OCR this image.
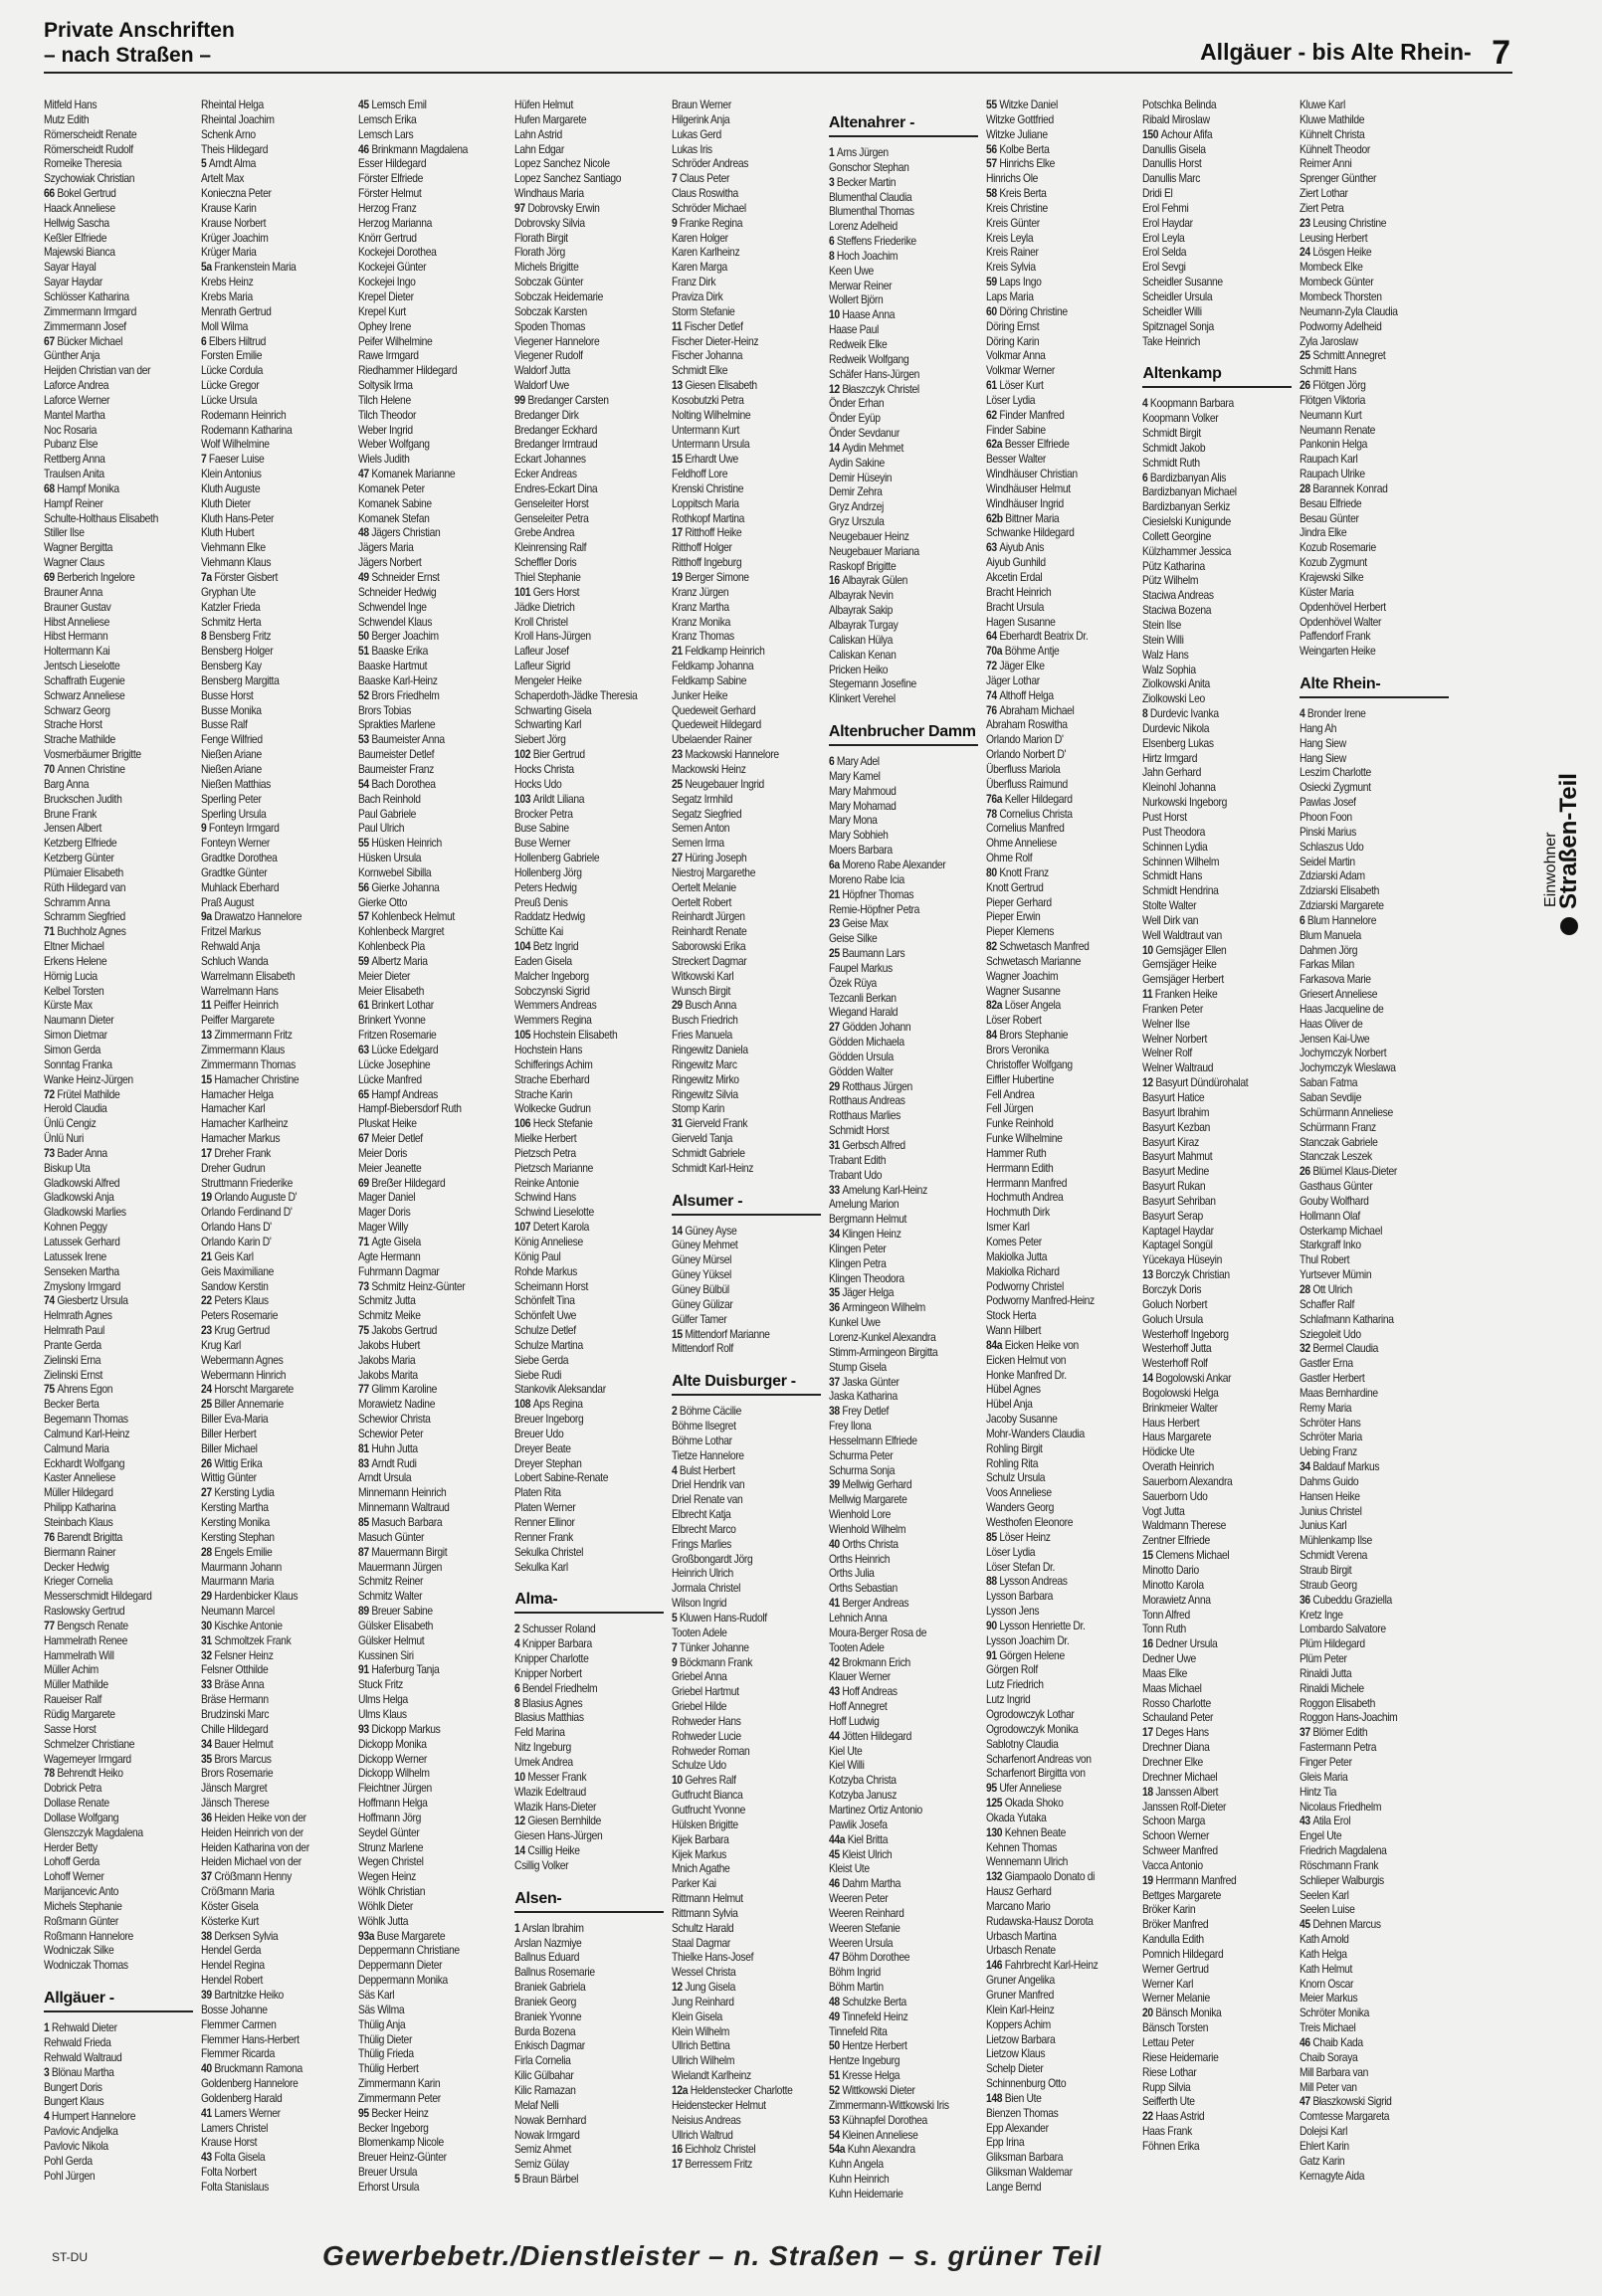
Private Anschriften
– nach Straßen –	Allgäuer - bis Alte Rhein- 7
Mitfeld Hans
Mutz Edith
Römerscheidt Renate
Römerscheidt Rudolf
Romeike Theresia
Szychowiak Christian
66 Bokel Gertrud
Haack Anneliese
Hellwig Sascha
Keßler Elfriede
Majewski Bianca
Sayar Hayal
Sayar Haydar
Schlösser Katharina
Zimmermann Irmgard
Zimmermann Josef
67 Bücker Michael
Günther Anja
Heijden Christian van der
Laforce Andrea
Laforce Werner
Mantel Martha
Noc Rosaria
Pubanz Else
Rettberg Anna
Traulsen Anita
68 Hampf Monika
Hampf Reiner
Schulte-Holthaus Elisabeth
Stiller Ilse
Wagner Bergitta
Wagner Claus
69 Berberich Ingelore
Brauner Anna
Brauner Gustav
Hibst Anneliese
Hibst Hermann
Holtermann Kai
Jentsch Lieselotte
Schaffrath Eugenie
Schwarz Anneliese
Schwarz Georg
Strache Horst
Strache Mathilde
Vosmerbäumer Brigitte
70 Annen Christine
Barg Anna
Bruckschen Judith
Brune Frank
Jensen Albert
Ketzberg Elfriede
Ketzberg Günter
Plümaier Elisabeth
Rüth Hildegard van
Schramm Anna
Schramm Siegfried
71 Buchholz Agnes
Eltner Michael
Erkens Helene
Hörnig Lucia
Kelbel Torsten
Kürste Max
Naumann Dieter
Simon Dietmar
Simon Gerda
Sonntag Franka
Wanke Heinz-Jürgen
72 Frütel Mathilde
Herold Claudia
Ünlü Cengiz
Ünlü Nuri
73 Bader Anna
Biskup Uta
Gladkowski Alfred
Gladkowski Anja
Gladkowski Marlies
Kohnen Peggy
Latussek Gerhard
Latussek Irene
Senseken Martha
Zmyslony Irmgard
74 Giesbertz Ursula
Helmrath Agnes
Helmrath Paul
Prante Gerda
Zielinski Erna
Zielinski Ernst
75 Ahrens Egon
Becker Berta
Begemann Thomas
Calmund Karl-Heinz
Calmund Maria
Eckhardt Wolfgang
Kaster Anneliese
Müller Hildegard
Philipp Katharina
Steinbach Klaus
76 Barendt Brigitta
Biermann Rainer
Decker Hedwig
Krieger Cornelia
Messerschmidt Hildegard
Raslowsky Gertrud
77 Bengsch Renate
Hammelrath Renee
Hammelrath Will
Müller Achim
Müller Mathilde
Raueiser Ralf
Rüdig Margarete
Sasse Horst
Schmelzer Christiane
Wagemeyer Irmgard
78 Behrendt Heiko
Dobrick Petra
Dollase Renate
Dollase Wolfgang
Glenszczyk Magdalena
Herder Betty
Lohoff Gerda
Lohoff Werner
Marijancevic Anto
Michels Stephanie
Roßmann Günter
Roßmann Hannelore
Wodniczak Silke
Wodniczak Thomas
Allgäuer -
1 Rehwald Dieter
Rehwald Frieda
Rehwald Waltraud
3 Blönau Martha
Bungert Doris
Bungert Klaus
4 Humpert Hannelore
Pavlovic Andjelka
Pavlovic Nikola
Pohl Gerda
Pohl Jürgen
Rheintal Helga
Rheintal Joachim
Schenk Arno
Theis Hildegard
5 Arndt Alma
Artelt Max
Konieczna Peter
Krause Karin
Krause Norbert
Krüger Joachim
Krüger Maria
5a Frankenstein Maria
Krebs Heinz
Krebs Maria
Menrath Gertrud
Moll Wilma
6 Elbers Hiltrud
Forsten Emilie
Lücke Cordula
Lücke Gregor
Lücke Ursula
Rodemann Heinrich
Rodemann Katharina
Wolf Wilhelmine
7 Faeser Luise
Klein Antonius
Kluth Auguste
Kluth Dieter
Kluth Hans-Peter
Kluth Hubert
Viehmann Elke
Viehmann Klaus
7a Förster Gisbert
Gryphan Ute
Katzler Frieda
Schmitz Herta
8 Bensberg Fritz
Bensberg Holger
Bensberg Kay
Bensberg Margitta
Busse Horst
Busse Monika
Busse Ralf
Fenge Wilfried
Nießen Ariane
Nießen Ariane
Nießen Matthias
Sperling Peter
Sperling Ursula
9 Fonteyn Irmgard
Fonteyn Werner
Gradtke Dorothea
Gradtke Günter
Muhlack Eberhard
Praß August
9a Drawatzo Hannelore
Fritzel Markus
Rehwald Anja
Schluch Wanda
Warrelmann Elisabeth
Warrelmann Hans
11 Peiffer Heinrich
Peiffer Margarete
13 Zimmermann Fritz
Zimmermann Klaus
Zimmermann Thomas
15 Hamacher Christine
Hamacher Helga
Hamacher Karl
Hamacher Karlheinz
Hamacher Markus
17 Dreher Frank
Dreher Gudrun
Struttmann Friederike
19 Orlando Auguste D'
Orlando Ferdinand D'
Orlando Hans D'
Orlando Karin D'
21 Geis Karl
Geis Maximiliane
Sandow Kerstin
22 Peters Klaus
Peters Rosemarie
23 Krug Gertrud
Krug Karl
Webermann Agnes
Webermann Hinrich
24 Horscht Margarete
25 Biller Annemarie
Biller Eva-Maria
Biller Herbert
Biller Michael
26 Wittig Erika
Wittig Günter
27 Kersting Lydia
Kersting Martha
Kersting Monika
Kersting Stephan
28 Engels Emilie
Maurmann Johann
Maurmann Maria
29 Hardenbicker Klaus
Neumann Marcel
30 Kischke Antonie
31 Schmoltzek Frank
32 Felsner Heinz
Felsner Otthilde
33 Bräse Anna
Bräse Hermann
Brudzinski Marc
Chille Hildegard
34 Bauer Helmut
35 Brors Marcus
Brors Rosemarie
Jänsch Margret
Jänsch Therese
36 Heiden Heike von der
Heiden Heinrich von der
Heiden Katharina von der
Heiden Michael von der
37 Cröẞmann Henny
Cröẞmann Maria
Köster Gisela
Kösterke Kurt
38 Derksen Sylvia
Hendel Gerda
Hendel Regina
Hendel Robert
39 Bartnitzke Heiko
Bosse Johanne
Flemmer Carmen
Flemmer Hans-Herbert
Flemmer Ricarda
40 Bruckmann Ramona
Goldenberg Hannelore
Goldenberg Harald
41 Lamers Werner
Lamers Christel
Krause Horst
43 Folta Gisela
Folta Norbert
Folta Stanislaus
45 Lemsch Emil
Lemsch Erika
Lemsch Lars
46 Brinkmann Magdalena
Esser Hildegard
Förster Elfriede
Förster Helmut
Herzog Franz
Herzog Marianna
Knörr Gertrud
Kockejei Dorothea
Kockejei Günter
Kockejei Ingo
Krepel Dieter
Krepel Kurt
Ophey Irene
Peifer Wilhelmine
Rawe Irmgard
Riedhammer Hildegard
Soltysik Irma
Tilch Helene
Tilch Theodor
Weber Ingrid
Weber Wolfgang
Wiels Judith
47 Komanek Marianne
Komanek Peter
Komanek Sabine
Komanek Stefan
48 Jägers Christian
Jägers Maria
Jägers Norbert
49 Schneider Ernst
Schneider Hedwig
Schwendel Inge
Schwendel Klaus
50 Berger Joachim
51 Baaske Erika
Baaske Hartmut
Baaske Karl-Heinz
52 Brors Friedhelm
Brors Tobias
Sprakties Marlene
53 Baumeister Anna
Baumeister Detlef
Baumeister Franz
54 Bach Dorothea
Bach Reinhold
Paul Gabriele
Paul Ulrich
55 Hüsken Heinrich
Hüsken Ursula
Kornwebel Sibilla
56 Gierke Johanna
Gierke Otto
57 Kohlenbeck Helmut
Kohlenbeck Margret
Kohlenbeck Pia
59 Albertz Maria
Meier Dieter
Meier Elisabeth
61 Brinkert Lothar
Brinkert Yvonne
Fritzen Rosemarie
63 Lücke Edelgard
Lücke Josephine
Lücke Manfred
65 Hampf Andreas
Hampf-Biebersdorf Ruth
Pluskat Heike
67 Meier Detlef
Meier Doris
Meier Jeanette
69 Breẞer Hildegard
Mager Daniel
Mager Doris
Mager Willy
71 Agte Gisela
Agte Hermann
Fuhrmann Dagmar
73 Schmitz Heinz-Günter
Schmitz Jutta
Schmitz Meike
75 Jakobs Gertrud
Jakobs Hubert
Jakobs Maria
Jakobs Marita
77 Glimm Karoline
Morawietz Nadine
Schewior Christa
Schewior Peter
81 Huhn Jutta
83 Arndt Rudi
Arndt Ursula
Minnemann Heinrich
Minnemann Waltraud
85 Masuch Barbara
Masuch Günter
87 Mauermann Birgit
Mauermann Jürgen
Schmitz Reiner
Schmitz Walter
89 Breuer Sabine
Gülsker Elisabeth
Gülsker Helmut
Kussinen Siri
91 Haferburg Tanja
Stuck Fritz
Ulms Helga
Ulms Klaus
93 Dickopp Markus
Dickopp Monika
Dickopp Werner
Dickopp Wilhelm
Fleichtner Jürgen
Hoffmann Helga
Hoffmann Jörg
Seydel Günter
Strunz Marlene
Wegen Christel
Wegen Heinz
Wöhlk Christian
Wöhlk Dieter
Wöhlk Jutta
93a Buse Margarete
Deppermann Christiane
Deppermann Dieter
Deppermann Monika
Säs Karl
Säs Wilma
Thülig Anja
Thülig Dieter
Thülig Frieda
Thülig Herbert
Zimmermann Karin
Zimmermann Peter
95 Becker Heinz
Becker Ingeborg
Blomenkamp Nicole
Breuer Heinz-Günter
Breuer Ursula
Erhorst Ursula
Hüfen Helmut
Hufen Margarete
Lahn Astrid
Lahn Edgar
Lopez Sanchez Nicole
Lopez Sanchez Santiago
Windhaus Maria
97 Dobrovsky Erwin
Dobrovsky Silvia
Florath Birgit
Florath Jörg
Michels Brigitte
Sobczak Günter
Sobczak Heidemarie
Sobczak Karsten
Spoden Thomas
Viegener Hannelore
Viegener Rudolf
Waldorf Jutta
Waldorf Uwe
99 Bredanger Carsten
Bredanger Dirk
Bredanger Eckhard
Bredanger Irmtraud
Eckart Johannes
Ecker Andreas
Endres-Eckart Dina
Genseleiter Horst
Genseleiter Petra
Grebe Andrea
Kleinrensing Ralf
Scheffler Doris
Thiel Stephanie
101 Gers Horst
Jädke Dietrich
Kroll Christel
Kroll Hans-Jürgen
Lafleur Josef
Lafleur Sigrid
Mengeler Heike
Schaperdoth-Jädke Theresia
Schwarting Gisela
Schwarting Karl
Siebert Jörg
102 Bier Gertrud
Hocks Christa
Hocks Udo
103 Arildt Liliana
Brocker Petra
Buse Sabine
Buse Werner
Hollenberg Gabriele
Hollenberg Jörg
Peters Hedwig
Preuß Denis
Raddatz Hedwig
Schütte Kai
104 Betz Ingrid
Eaden Gisela
Malcher Ingeborg
Sobczynski Sigrid
Wemmers Andreas
Wemmers Regina
105 Hochstein Elisabeth
Hochstein Hans
Schifferings Achim
Strache Eberhard
Strache Karin
Wolkecke Gudrun
106 Heck Stefanie
Mielke Herbert
Pietzsch Petra
Pietzsch Marianne
Reinke Antonie
Schwind Hans
Schwind Lieselotte
107 Detert Karola
König Anneliese
König Paul
Rohde Markus
Scheimann Horst
Schönfelt Tina
Schönfelt Uwe
Schulze Detlef
Schulze Martina
Siebe Gerda
Siebe Rudi
Stankovik Aleksandar
108 Aps Regina
Breuer Ingeborg
Breuer Udo
Dreyer Beate
Dreyer Stephan
Lobert Sabine-Renate
Platen Rita
Platen Werner
Renner Ellinor
Renner Frank
Sekulka Christel
Sekulka Karl
Alma-
2 Schusser Roland
4 Knipper Barbara
Knipper Charlotte
Knipper Norbert
6 Bendel Friedhelm
8 Blasius Agnes
Blasius Matthias
Feld Marina
Nitz Ingeburg
Umek Andrea
10 Messer Frank
Wlazik Edeltraud
Wlazik Hans-Dieter
12 Giesen Bernhilde
Giesen Hans-Jürgen
14 Csillig Heike
Csillig Volker
Alsen-
1 Arslan Ibrahim
Arslan Nazmiye
Ballnus Eduard
Ballnus Rosemarie
Braniek Gabriela
Braniek Georg
Braniek Yvonne
Burda Bozena
Enkisch Dagmar
Firla Cornelia
Kilic Gülbahar
Kilic Ramazan
Melaf Nelli
Nowak Bernhard
Nowak Irmgard
Semiz Ahmet
Semiz Gülay
5 Braun Bärbel
Braun Werner
Hilgerink Anja
Lukas Gerd
Lukas Iris
Schröder Andreas
7 Claus Peter
Claus Roswitha
Schröder Michael
9 Franke Regina
Karen Holger
Karen Karlheinz
Karen Marga
Franz Dirk
Praviza Dirk
Storm Stefanie
11 Fischer Detlef
Fischer Dieter-Heinz
Fischer Johanna
Schmidt Elke
13 Giesen Elisabeth
Kosobutzki Petra
Nolting Wilhelmine
Untermann Kurt
Untermann Ursula
15 Erhardt Uwe
Feldhoff Lore
Krenski Christine
Loppitsch Maria
Rothkopf Martina
17 Ritthoff Heike
Ritthoff Holger
Ritthoff Ingeburg
19 Berger Simone
Kranz Jürgen
Kranz Martha
Kranz Monika
Kranz Thomas
21 Feldkamp Heinrich
Feldkamp Johanna
Feldkamp Sabine
Junker Heike
Quedeweit Gerhard
Quedeweit Hildegard
Ubelaender Rainer
23 Mackowski Hannelore
Mackowski Heinz
25 Neugebauer Ingrid
Segatz Irmhild
Segatz Siegfried
Semen Anton
Semen Irma
27 Hüring Joseph
Niestroj Margarethe
Oertelt Melanie
Oertelt Robert
Reinhardt Jürgen
Reinhardt Renate
Saborowski Erika
Streckert Dagmar
Witkowski Karl
Wunsch Birgit
29 Busch Anna
Busch Friedrich
Fries Manuela
Ringewitz Daniela
Ringewitz Marc
Ringewitz Mirko
Ringewitz Silvia
Stomp Karin
31 Gierveld Frank
Gierveld Tanja
Schmidt Gabriele
Schmidt Karl-Heinz
Alsumer -
14 Güney Ayse
Güney Mehmet
Güney Mürsel
Güney Yüksel
Güney Bülbül
Güney Gülizar
Gülfer Tamer
15 Mittendorf Marianne
Mittendorf Rolf
Alte Duisburger -
2 Böhme Cäcilie
Böhme Ilsegret
Böhme Lothar
Tietze Hannelore
4 Bulst Herbert
Driel Hendrik van
Driel Renate van
Elbrecht Katja
Elbrecht Marco
Frings Marlies
Großbongardt Jörg
Heinrich Ulrich
Jormala Christel
Wilson Ingrid
5 Kluwen Hans-Rudolf
Tooten Adele
7 Tünker Johanne
9 Böckmann Frank
Griebel Anna
Griebel Hartmut
Griebel Hilde
Rohweder Hans
Rohweder Lucie
Rohweder Roman
Schulze Udo
10 Gehres Ralf
Gutfrucht Bianca
Gutfrucht Yvonne
Hülsken Brigitte
Kijek Barbara
Kijek Markus
Mnich Agathe
Parker Kai
Rittmann Helmut
Rittmann Sylvia
Schultz Harald
Staal Dagmar
Thielke Hans-Josef
Wessel Christa
12 Jung Gisela
Jung Reinhard
Klein Gisela
Klein Wilhelm
Ullrich Bettina
Ullrich Wilhelm
Wielandt Karlheinz
12a Heldenstecker Charlotte
Heidenstecker Helmut
Neisius Andreas
Ullrich Waltrud
16 Eichholz Christel
17 Berressem Fritz
Altenahrer -
1 Arns Jürgen
Gonschor Stephan
3 Becker Martin
Blumenthal Claudia
Blumenthal Thomas
Lorenz Adelheid
6 Steffens Friederike
8 Hoch Joachim
Keen Uwe
Merwar Reiner
Wollert Björn
10 Haase Anna
Haase Paul
Redweik Elke
Redweik Wolfgang
Schäfer Hans-Jürgen
12 Błaszczyk Christel
Önder Erhan
Önder Eyüp
Önder Sevdanur
14 Aydin Mehmet
Aydin Sakine
Demir Hüseyin
Demir Zehra
Gryz Andrzej
Gryz Urszula
Neugebauer Heinz
Neugebauer Mariana
Raskopf Brigitte
16 Albayrak Gülen
Albayrak Nevin
Albayrak Sakip
Albayrak Turgay
Caliskan Hülya
Caliskan Kenan
Pricken Heiko
Stegemann Josefine
Klinkert Verehel
Altenbrucher Damm
6 Mary Adel
Mary Kamel
Mary Mahmoud
Mary Mohamad
Mary Mona
Mary Sobhieh
Moers Barbara
6a Moreno Rabe Alexander
Moreno Rabe Icia
21 Höpfner Thomas
Remie-Höpfner Petra
23 Geise Max
Geise Silke
25 Baumann Lars
Faupel Markus
Özek Rüya
Tezcanli Berkan
Wiegand Harald
27 Gödden Johann
Gödden Michaela
Gödden Ursula
Gödden Walter
29 Rotthaus Jürgen
Rotthaus Andreas
Rotthaus Marlies
Schmidt Horst
31 Gerbsch Alfred
Trabant Edith
Trabant Udo
33 Amelung Karl-Heinz
Amelung Marion
Bergmann Helmut
34 Klingen Heinz
Klingen Peter
Klingen Petra
Klingen Theodora
35 Jäger Helga
36 Armingeon Wilhelm
Kunkel Uwe
Lorenz-Kunkel Alexandra
Stimm-Armingeon Birgitta
Stump Gisela
37 Jaska Günter
Jaska Katharina
38 Frey Detlef
Frey Ilona
Hesselmann Elfriede
Schurma Peter
Schurma Sonja
39 Mellwig Gerhard
Mellwig Margarete
Wienhold Lore
Wienhold Wilhelm
40 Orths Christa
Orths Heinrich
Orths Julia
Orths Sebastian
41 Berger Andreas
Lehnich Anna
Moura-Berger Rosa de
Tooten Adele
42 Brokmann Erich
Klauer Werner
43 Hoff Andreas
Hoff Annegret
Hoff Ludwig
44 Jötten Hildegard
Kiel Ute
Kiel Willi
Kotzyba Christa
Kotzyba Janusz
Martinez Ortiz Antonio
Pawlik Josefa
44a Kiel Britta
45 Kleist Ulrich
Kleist Ute
46 Dahm Martha
Weeren Peter
Weeren Reinhard
Weeren Stefanie
Weeren Ursula
47 Böhm Dorothee
Böhm Ingrid
Böhm Martin
48 Schulzke Berta
49 Tinnefeld Heinz
Tinnefeld Rita
50 Hentze Herbert
Hentze Ingeburg
51 Kresse Helga
52 Wittkowski Dieter
Zimmermann-Wittkowski Iris
53 Kühnapfel Dorothea
54 Kleinen Anneliese
54a Kuhn Alexandra
Kuhn Angela
Kuhn Heinrich
Kuhn Heidemarie
55 Witzke Daniel
Witzke Gottfried
Witzke Juliane
56 Kolbe Berta
57 Hinrichs Elke
Hinrichs Ole
58 Kreis Berta
Kreis Christine
Kreis Günter
Kreis Leyla
Kreis Rainer
Kreis Sylvia
59 Laps Ingo
Laps Maria
60 Döring Christine
Döring Ernst
Döring Karin
Volkmar Anna
Volkmar Werner
61 Löser Kurt
Löser Lydia
62 Finder Manfred
Finder Sabine
62a Besser Elfriede
Besser Walter
Windhäuser Christian
Windhäuser Helmut
Windhäuser Ingrid
62b Bittner Maria
Schwanke Hildegard
63 Aiyub Anis
Aiyub Gunhild
Akcetin Erdal
Bracht Heinrich
Bracht Ursula
Hagen Susanne
64 Eberhardt Beatrix Dr.
70a Böhme Antje
72 Jäger Elke
Jäger Lothar
74 Althoff Helga
76 Abraham Michael
Abraham Roswitha
Orlando Marion D'
Orlando Norbert D'
Überfluss Mariola
Überfluss Raimund
76a Keller Hildegard
78 Cornelius Christa
Cornelius Manfred
Ohme Anneliese
Ohme Rolf
80 Knott Franz
Knott Gertrud
Pieper Gerhard
Pieper Erwin
Pieper Klemens
82 Schwetasch Manfred
Schwetasch Marianne
Wagner Joachim
Wagner Susanne
82a Löser Angela
Löser Robert
84 Brors Stephanie
Brors Veronika
Christoffer Wolfgang
Eiffler Hubertine
Fell Andrea
Fell Jürgen
Funke Reinhold
Funke Wilhelmine
Hammer Ruth
Herrmann Edith
Herrmann Manfred
Hochmuth Andrea
Hochmuth Dirk
Ismer Karl
Komes Peter
Makiolka Jutta
Makiolka Richard
Podworny Christel
Podworny Manfred-Heinz
Stock Herta
Wann Hilbert
84a Eicken Heike von
Eicken Helmut von
Honke Manfred Dr.
Hübel Agnes
Hübel Anja
Jacoby Susanne
Mohr-Wanders Claudia
Rohling Birgit
Rohling Rita
Schulz Ursula
Voos Anneliese
Wanders Georg
Westhofen Eleonore
85 Löser Heinz
Löser Lydia
Löser Stefan Dr.
88 Lysson Andreas
Lysson Barbara
Lysson Jens
90 Lysson Henriette Dr.
Lysson Joachim Dr.
91 Görgen Helene
Görgen Rolf
Lutz Friedrich
Lutz Ingrid
Ogrodowczyk Lothar
Ogrodowczyk Monika
Sablotny Claudia
Scharfenort Andreas von
Scharfenort Birgitta von
95 Ufer Anneliese
125 Okada Shoko
Okada Yutaka
130 Kehnen Beate
Kehnen Thomas
Wennemann Ulrich
132 Giampaolo Donato di
Hausz Gerhard
Marcano Mario
Rudawska-Hausz Dorota
Urbasch Martina
Urbasch Renate
146 Fahrbrecht Karl-Heinz
Gruner Angelika
Gruner Manfred
Klein Karl-Heinz
Koppers Achim
Lietzow Barbara
Lietzow Klaus
Schelp Dieter
Schinnenburg Otto
148 Bien Ute
Bienzen Thomas
Epp Alexander
Epp Irina
Gliksman Barbara
Gliksman Waldemar
Lange Bernd
Potschka Belinda
Ribald Miroslaw
150 Achour Afifa
Danullis Gisela
Danullis Horst
Danullis Marc
Dridi El
Erol Fehmi
Erol Haydar
Erol Leyla
Erol Selda
Erol Sevgi
Scheidler Susanne
Scheidler Ursula
Scheidler Willi
Spitznagel Sonja
Take Heinrich
Altenkamp
4 Koopmann Barbara
Koopmann Volker
Schmidt Birgit
Schmidt Jakob
Schmidt Ruth
6 Bardizbanyan Alis
Bardizbanyan Michael
Bardizbanyan Serkiz
Ciesielski Kunigunde
Collett Georgine
Külzhammer Jessica
Pütz Katharina
Pütz Wilhelm
Staciwa Andreas
Staciwa Bozena
Stein Ilse
Stein Willi
Walz Hans
Walz Sophia
Ziolkowski Anita
Ziolkowski Leo
8 Durdevic Ivanka
Durdevic Nikola
Elsenberg Lukas
Hirtz Irmgard
Jahn Gerhard
Kleinohl Johanna
Nurkowski Ingeborg
Pust Horst
Pust Theodora
Schinnen Lydia
Schinnen Wilhelm
Schmidt Hans
Schmidt Hendrina
Stolte Walter
Well Dirk van
Well Waldtraut van
10 Gemsjäger Ellen
Gemsjäger Heike
Gemsjäger Herbert
11 Franken Heike
Franken Peter
Welner Ilse
Welner Norbert
Welner Rolf
Welner Waltraud
12 Basyurt Dündürohalat
Basyurt Hatice
Basyurt Ibrahim
Basyurt Kezban
Basyurt Kiraz
Basyurt Mahmut
Basyurt Medine
Basyurt Rukan
Basyurt Sehriban
Basyurt Serap
Kaptagel Haydar
Kaptagel Songül
Yücekaya Hüseyin
13 Borczyk Christian
Borczyk Doris
Goluch Norbert
Goluch Ursula
Westerhoff Ingeborg
Westerhoff Jutta
Westerhoff Rolf
14 Bogolowski Ankar
Bogolowski Helga
Brinkmeier Walter
Haus Herbert
Haus Margarete
Hödicke Ute
Overath Heinrich
Sauerborn Alexandra
Sauerborn Udo
Vogt Jutta
Waldmann Therese
Zentner Elfriede
15 Clemens Michael
Minotto Dario
Minotto Karola
Morawietz Anna
Tonn Alfred
Tonn Ruth
16 Dedner Ursula
Dedner Uwe
Maas Elke
Maas Michael
Rosso Charlotte
Schauland Peter
17 Deges Hans
Drechner Diana
Drechner Elke
Drechner Michael
18 Janssen Albert
Janssen Rolf-Dieter
Schoon Marga
Schoon Werner
Schweer Manfred
Vacca Antonio
19 Herrmann Manfred
Bettges Margarete
Bröker Karin
Bröker Manfred
Kandulla Edith
Pomnich Hildegard
Werner Gertrud
Werner Karl
Werner Melanie
20 Bänsch Monika
Bänsch Torsten
Lettau Peter
Riese Heidemarie
Riese Lothar
Rupp Silvia
Seifferth Ute
22 Haas Astrid
Haas Frank
Föhnen Erika
Kluwe Karl
Kluwe Mathilde
Kühnelt Christa
Kühnelt Theodor
Reimer Anni
Sprenger Günther
Ziert Lothar
Ziert Petra
23 Leusing Christine
Leusing Herbert
24 Lösgen Heike
Mombeck Elke
Mombeck Günter
Mombeck Thorsten
Neumann-Zyla Claudia
Podworny Adelheid
Zyla Jaroslaw
25 Schmitt Annegret
Schmitt Hans
26 Flötgen Jörg
Flötgen Viktoria
Neumann Kurt
Neumann Renate
Pankonin Helga
Raupach Karl
Raupach Ulrike
28 Barannek Konrad
Besau Elfriede
Besau Günter
Jindra Elke
Kozub Rosemarie
Kozub Zygmunt
Krajewski Silke
Küster Maria
Opdenhövel Herbert
Opdenhövel Walter
Paffendorf Frank
Weingarten Heike
Alte Rhein-
4 Bronder Irene
Hang Ah
Hang Siew
Hang Siew
Leszim Charlotte
Osiecki Zygmunt
Pawlas Josef
Phoon Foon
Pinski Marius
Schlaszus Udo
Seidel Martin
Zdziarski Adam
Zdziarski Elisabeth
Zdziarski Margarete
6 Blum Hannelore
Blum Manuela
Dahmen Jörg
Farkas Milan
Farkasova Marie
Griesert Anneliese
Haas Jacqueline de
Haas Oliver de
Jensen Kai-Uwe
Jochymczyk Norbert
Jochymczyk Wieslawa
Saban Fatma
Saban Sevdije
Schürmann Anneliese
Schürmann Franz
Stanczak Gabriele
Stanczak Leszek
26 Blümel Klaus-Dieter
Gasthaus Günter
Gouby Wolfhard
Hollmann Olaf
Osterkamp Michael
Starkgraff Inko
Thul Robert
Yurtsever Mümin
28 Ott Ulrich
Schaffer Ralf
Schlafmann Katharina
Sziegoleit Udo
32 Bermel Claudia
Gastler Erna
Gastler Herbert
Maas Bernhardine
Remy Maria
Schröter Hans
Schröter Maria
Uebing Franz
34 Baldauf Markus
Dahms Guido
Hansen Heike
Junius Christel
Junius Karl
Mühlenkamp Ilse
Schmidt Verena
Straub Birgit
Straub Georg
36 Cubeddu Graziella
Kretz Inge
Lombardo Salvatore
Plüm Hildegard
Plüm Peter
Rinaldi Jutta
Rinaldi Michele
Roggon Elisabeth
Roggon Hans-Joachim
37 Blömer Edith
Fastermann Petra
Finger Peter
Gleis Maria
Hintz Tia
Nicolaus Friedhelm
43 Atila Erol
Engel Ute
Friedrich Magdalena
Röschmann Frank
Schlieper Walburgis
Seelen Karl
Seelen Luise
45 Dehnen Marcus
Kath Arnold
Kath Helga
Kath Helmut
Knorn Oscar
Meier Markus
Schröter Monika
Treis Michael
46 Chaib Kada
Chaib Soraya
Mill Barbara van
Mill Peter van
47 Błaszkowski Sigrid
Comtesse Margareta
Dolejsi Karl
Ehlert Karin
Gatz Karin
Kernagyte Aida
Straßen-Teil
Einwohner
ST-DU	Gewerbebetr./Dienstleister – n. Straßen – s. grüner Teil
